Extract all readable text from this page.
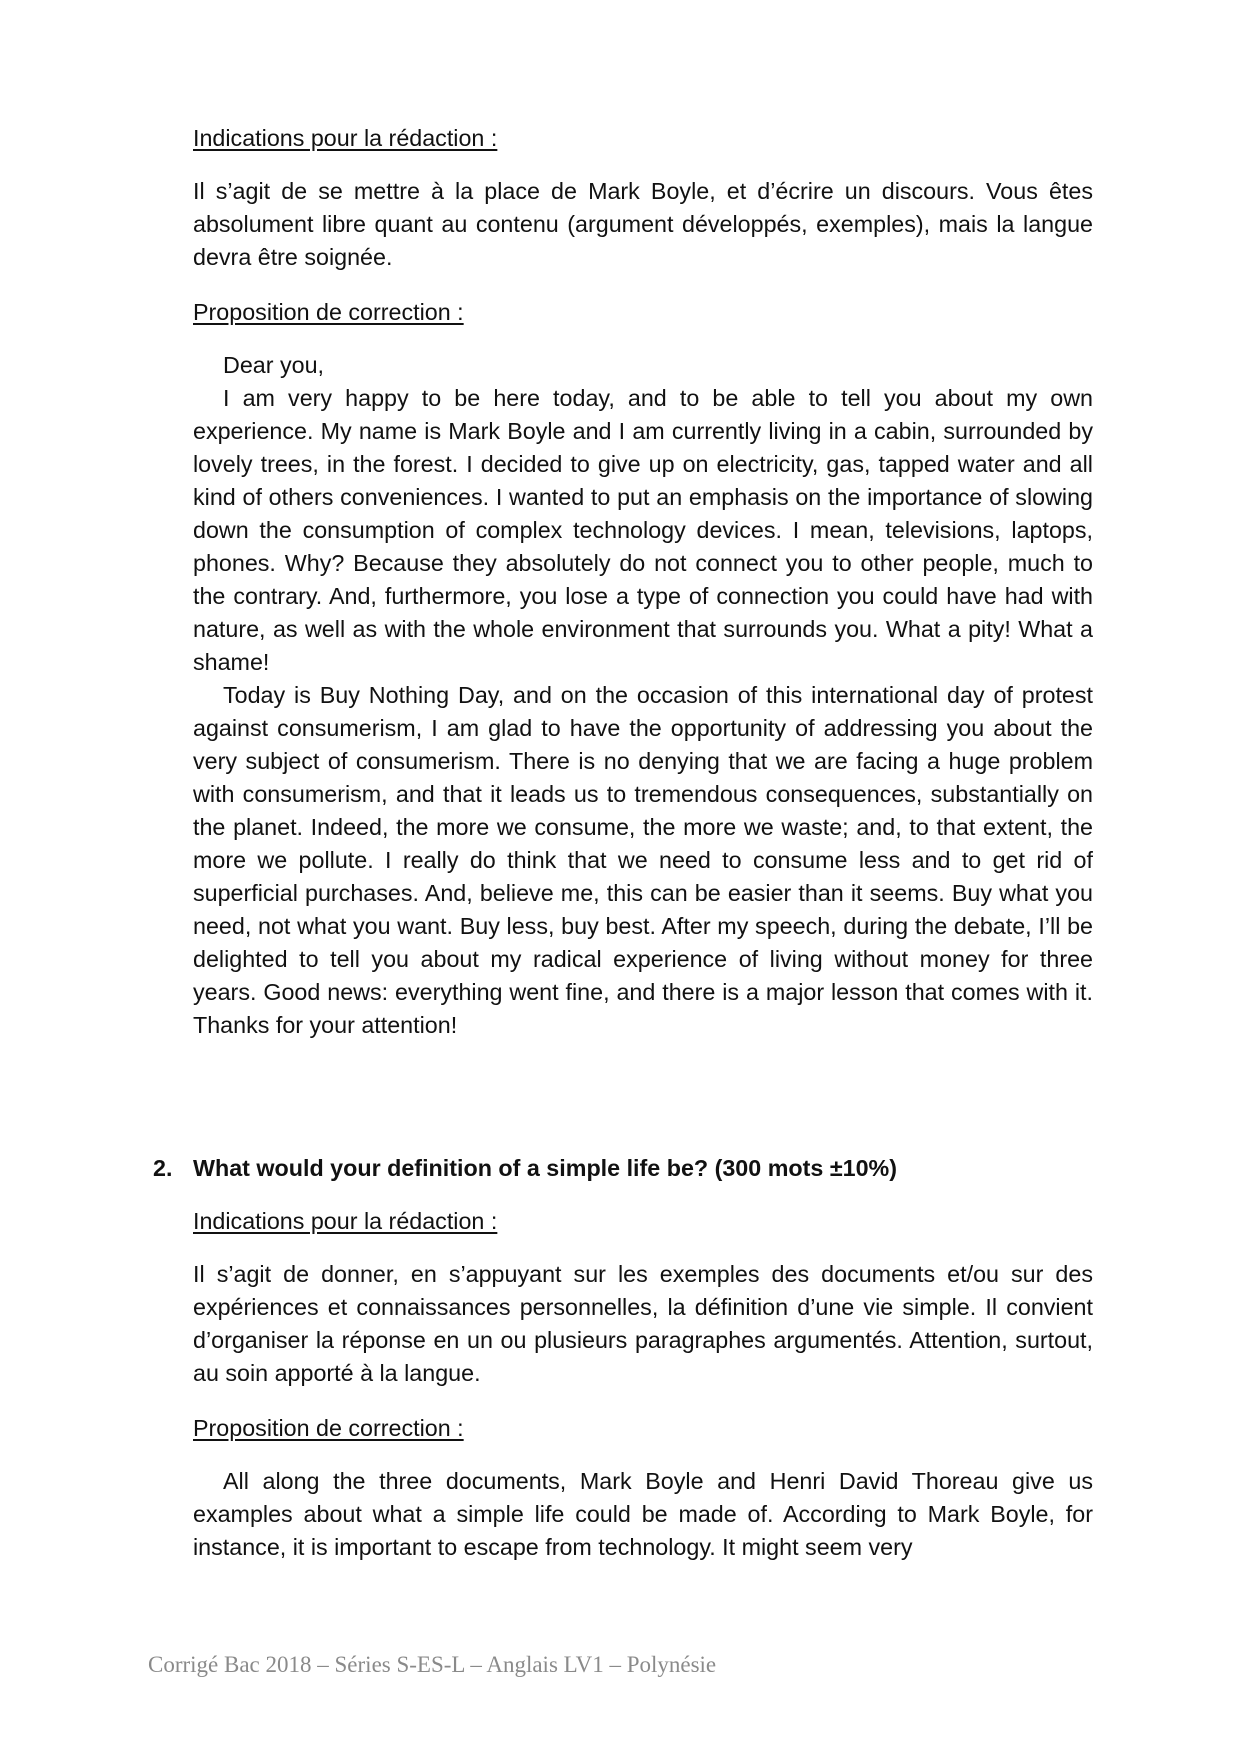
Indications pour la rédaction :

Il s’agit de se mettre à la place de Mark Boyle, et d’écrire un discours. Vous êtes absolument libre quant au contenu (argument développés, exemples), mais la langue devra être soignée.

Proposition de correction :

Dear you,

I am very happy to be here today, and to be able to tell you about my own experience. My name is Mark Boyle and I am currently living in a cabin, surrounded by lovely trees, in the forest. I decided to give up on electricity, gas, tapped water and all kind of others conveniences. I wanted to put an emphasis on the importance of slowing down the consumption of complex technology devices. I mean, televisions, laptops, phones. Why? Because they absolutely do not connect you to other people, much to the contrary. And, furthermore, you lose a type of connection you could have had with nature, as well as with the whole environment that surrounds you. What a pity! What a shame!

Today is Buy Nothing Day, and on the occasion of this international day of protest against consumerism, I am glad to have the opportunity of addressing you about the very subject of consumerism. There is no denying that we are facing a huge problem with consumerism, and that it leads us to tremendous consequences, substantially on the planet. Indeed, the more we consume, the more we waste; and, to that extent, the more we pollute. I really do think that we need to consume less and to get rid of superficial purchases. And, believe me, this can be easier than it seems. Buy what you need, not what you want. Buy less, buy best. After my speech, during the debate, I’ll be delighted to tell you about my radical experience of living without money for three years. Good news: everything went fine, and there is a major lesson that comes with it. Thanks for your attention!

2. What would your definition of a simple life be? (300 mots ±10%)

Indications pour la rédaction :

Il s’agit de donner, en s’appuyant sur les exemples des documents et/ou sur des expériences et connaissances personnelles, la définition d’une vie simple. Il convient d’organiser la réponse en un ou plusieurs paragraphes argumentés. Attention, surtout, au soin apporté à la langue.

Proposition de correction :

All along the three documents, Mark Boyle and Henri David Thoreau give us examples about what a simple life could be made of. According to Mark Boyle, for instance, it is important to escape from technology. It might seem very

Corrigé Bac 2018 – Séries S-ES-L – Anglais LV1 – Polynésie
